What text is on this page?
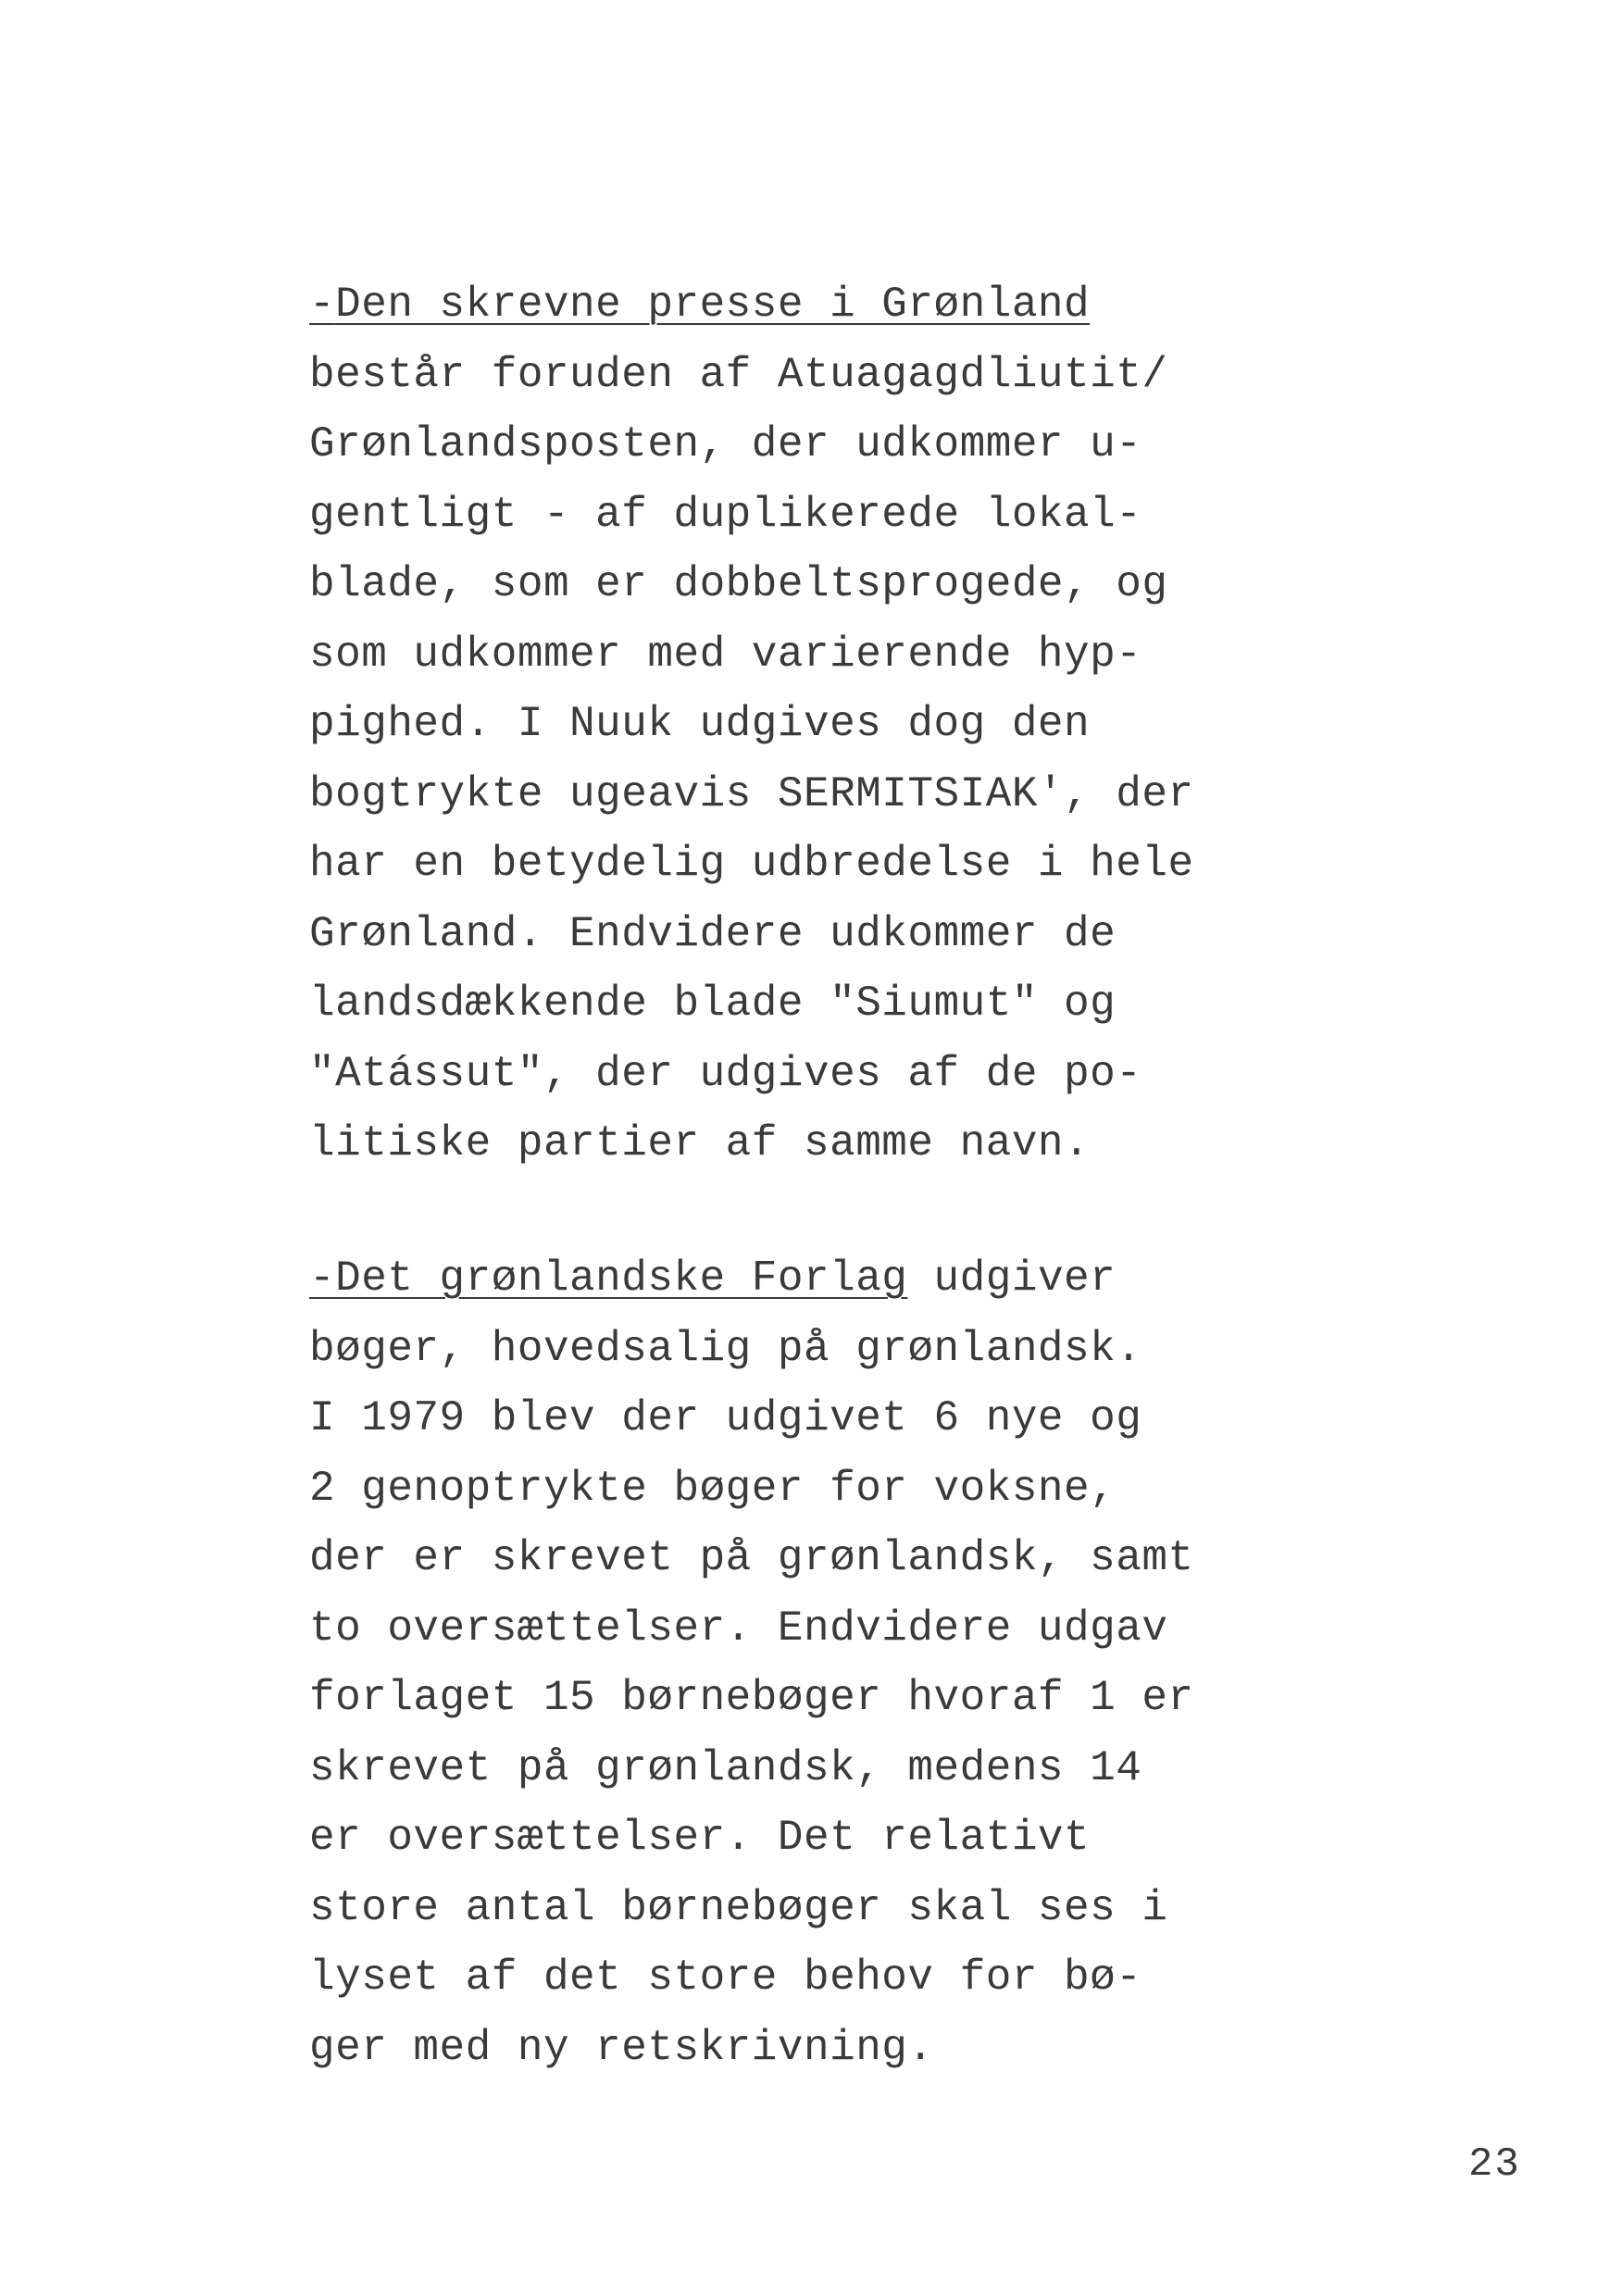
-Den skrevne presse i Grønland
består foruden af Atuagagdliutit/
Grønlandsposten, der udkommer u-
gentligt - af duplikerede lokal-
blade, som er dobbeltsprogede, og
som udkommer med varierende hyp-
pighed. I Nuuk udgives dog den
bogtrykte ugeavis SERMITSIAK', der
har en betydelig udbredelse i hele
Grønland. Endvidere udkommer de
landsdækkende blade "Siumut" og
"Atássut", der udgives af de po-
litiske partier af samme navn.
-Det grønlandske Forlag udgiver
bøger, hovedsalig på grønlandsk.
I 1979 blev der udgivet 6 nye og
2 genoptrykte bøger for voksne,
der er skrevet på grønlandsk, samt
to oversættelser. Endvidere udgav
forlaget 15 børnebøger hvoraf 1 er
skrevet på grønlandsk, medens 14
er oversættelser. Det relativt
store antal børnebøger skal ses i
lyset af det store behov for bø-
ger med ny retskrivning.
23
